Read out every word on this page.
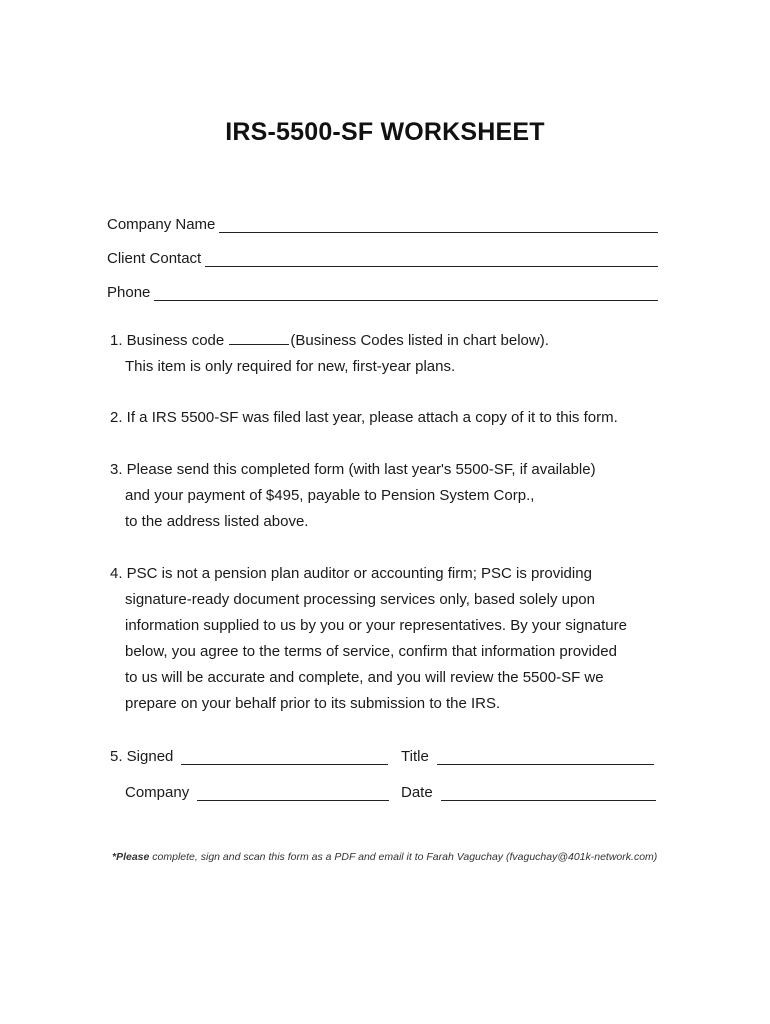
IRS-5500-SF WORKSHEET
Company Name
Client Contact
Phone
1. Business code	(Business Codes listed in chart below).
This item is only required for new, first-year plans.
2. If a IRS 5500-SF was filed last year, please attach a copy of it to this form.
3. Please send this completed form (with last year's 5500-SF, if available)
and your payment of $495, payable to Pension System Corp.,
to the address listed above.
4. PSC is not a pension plan auditor or accounting firm; PSC is providing
signature-ready document processing services only, based solely upon
information supplied to us by you or your representatives. By your signature
below, you agree to the terms of service, confirm that information provided
to us will be accurate and complete, and you will review the 5500-SF we
prepare on your behalf prior to its submission to the IRS.
5. Signed	Title
Company	Date
*Please complete, sign and scan this form as a PDF and email it to Farah Vaguchay (fvaguchay@401k-network.com)
